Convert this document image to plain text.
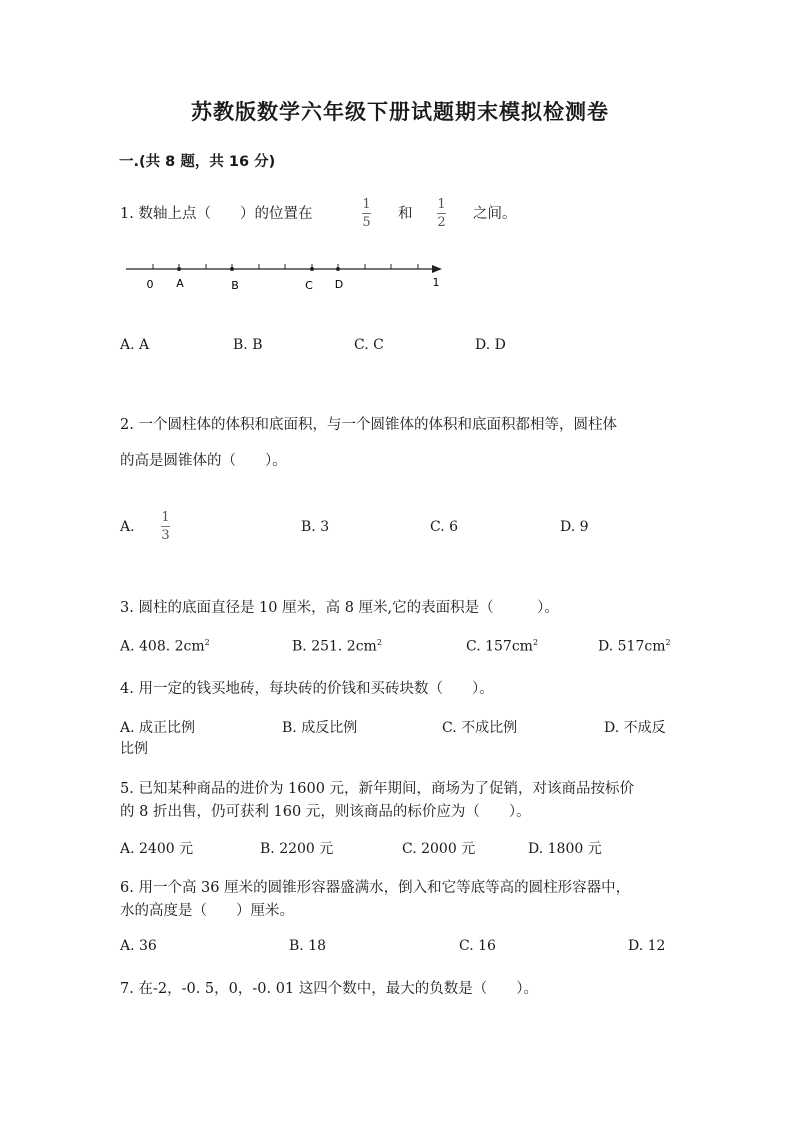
苏教版数学六年级下册试题期末模拟检测卷
一.(共 8 题，共 16 分)
1. 数轴上点（　　）的位置在
1
5
和
1
2
之间。
0 A	B	C D	1
A. A	B. B	C. C	D. D
2. 一个圆柱体的体积和底面积，与一个圆锥体的体积和底面积都相等，圆柱体
的高是圆锥体的（　　）。
A.
1
3
B. 3	C. 6	D. 9
3. 圆柱的底面直径是 10 厘米，高 8 厘米,它的表面积是（　　　）。
A. 408. $2cm^2$	B. 251. $2cm^2$	C. $157cm^2$	D. $517cm^2$
4. 用一定的钱买地砖，每块砖的价钱和买砖块数（　　）。
A. 成正比例	B. 成反比例	C. 不成比例	D. 不成反
比例
5. 已知某种商品的进价为 1600 元，新年期间，商场为了促销，对该商品按标价
的 8 折出售，仍可获利 160 元，则该商品的标价应为（　　）。
A. 2400 元	B. 2200 元	C. 2000 元	D. 1800 元
6. 用一个高 36 厘米的圆锥形容器盛满水，倒入和它等底等高的圆柱形容器中，
水的高度是（　　）厘米。
A. 36	B. 18	C. 16	D. 12
7. 在-2，-0. 5，0，-0. 01 这四个数中，最大的负数是（　　）。
